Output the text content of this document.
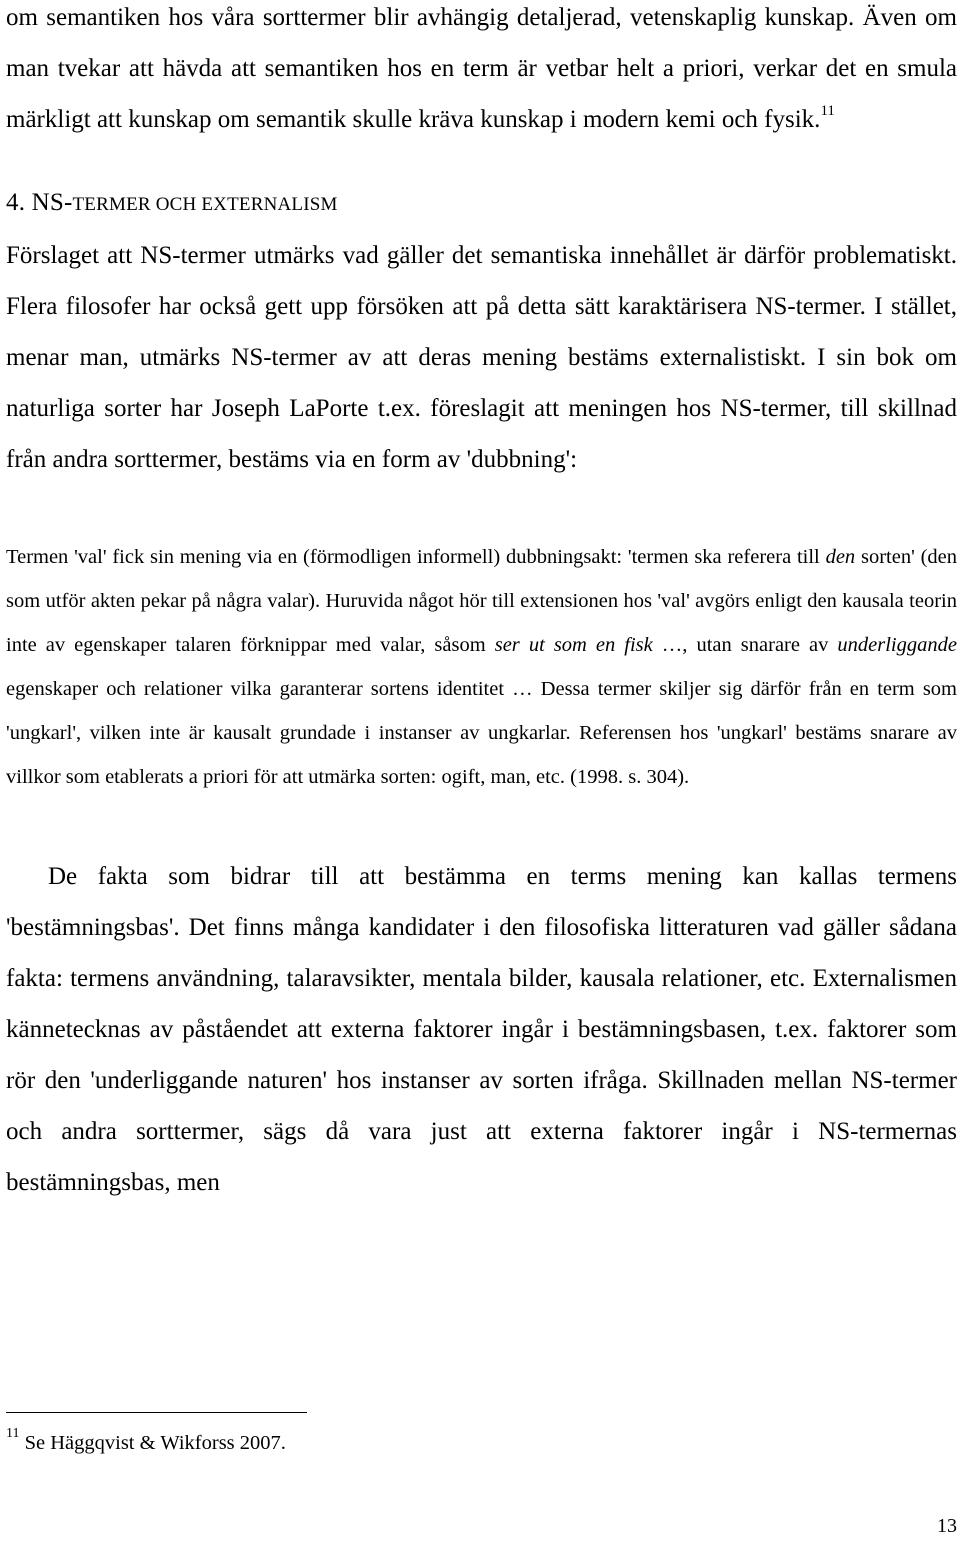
om semantiken hos våra sorttermer blir avhängig detaljerad, vetenskaplig kunskap. Även om man tvekar att hävda att semantiken hos en term är vetbar helt a priori, verkar det en smula märkligt att kunskap om semantik skulle kräva kunskap i modern kemi och fysik.$^{11}$

4. NS-TERMER OCH EXTERNALISM

Förslaget att NS-termer utmärks vad gäller det semantiska innehållet är därför problematiskt. Flera filosofer har också gett upp försöken att på detta sätt karaktärisera NS-termer. I stället, menar man, utmärks NS-termer av att deras mening bestäms externalistiskt. I sin bok om naturliga sorter har Joseph LaPorte t.ex. föreslagit att meningen hos NS-termer, till skillnad från andra sorttermer, bestäms via en form av 'dubbning':

Termen 'val' fick sin mening via en (förmodligen informell) dubbningsakt: 'termen ska referera till den sorten' (den som utför akten pekar på några valar). Huruvida något hör till extensionen hos 'val' avgörs enligt den kausala teorin inte av egenskaper talaren förknippar med valar, såsom ser ut som en fisk …, utan snarare av underliggande egenskaper och relationer vilka garanterar sortens identitet … Dessa termer skiljer sig därför från en term som 'ungkarl', vilken inte är kausalt grundade i instanser av ungkarlar. Referensen hos 'ungkarl' bestäms snarare av villkor som etablerats a priori för att utmärka sorten: ogift, man, etc. (1998. s. 304).

De fakta som bidrar till att bestämma en terms mening kan kallas termens 'bestämningsbas'. Det finns många kandidater i den filosofiska litteraturen vad gäller sådana fakta: termens användning, talaravsikter, mentala bilder, kausala relationer, etc. Externalismen kännetecknas av påståendet att externa faktorer ingår i bestämningsbasen, t.ex. faktorer som rör den 'underliggande naturen' hos instanser av sorten ifråga. Skillnaden mellan NS-termer och andra sorttermer, sägs då vara just att externa faktorer ingår i NS-termernas bestämningsbas, men

$^{11}$ Se Häggqvist & Wikforss 2007.
13
